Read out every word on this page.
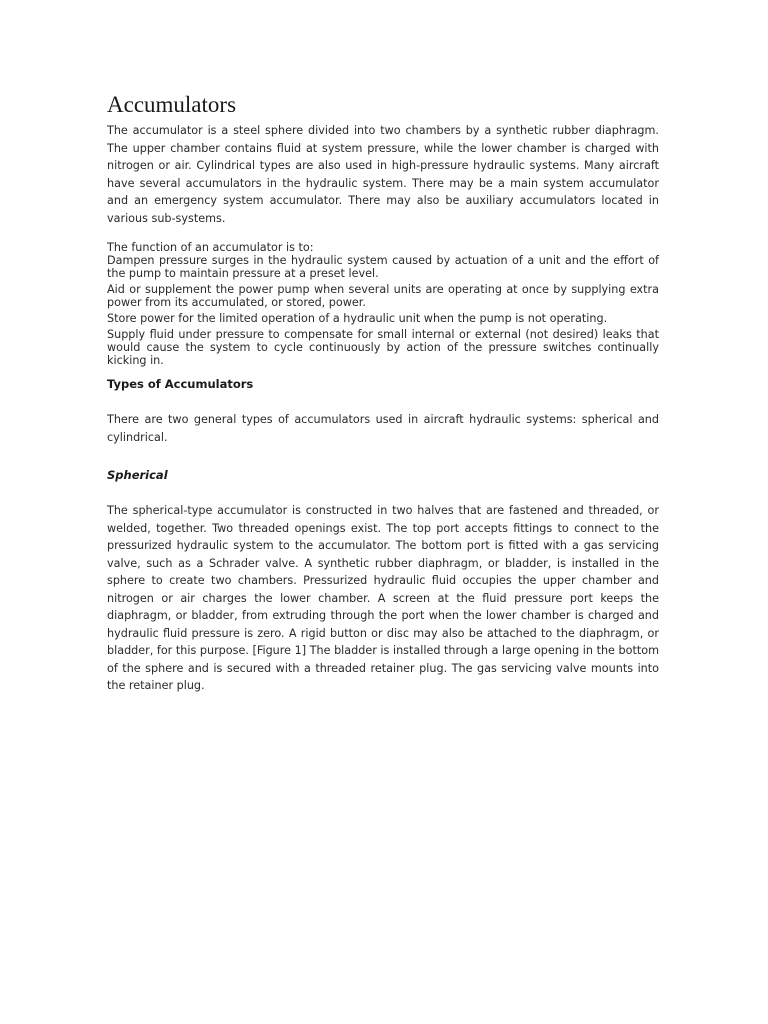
Accumulators

The accumulator is a steel sphere divided into two chambers by a synthetic rubber diaphragm. The upper chamber contains fluid at system pressure, while the lower chamber is charged with nitrogen or air. Cylindrical types are also used in high-pressure hydraulic systems. Many aircraft have several accumulators in the hydraulic system. There may be a main system accumulator and an emergency system accumulator. There may also be auxiliary accumulators located in various sub-systems.

The function of an accumulator is to:

Dampen pressure surges in the hydraulic system caused by actuation of a unit and the effort of the pump to maintain pressure at a preset level.

Aid or supplement the power pump when several units are operating at once by supplying extra power from its accumulated, or stored, power.

Store power for the limited operation of a hydraulic unit when the pump is not operating.

Supply fluid under pressure to compensate for small internal or external (not desired) leaks that would cause the system to cycle continuously by action of the pressure switches continually kicking in.

Types of Accumulators

There are two general types of accumulators used in aircraft hydraulic systems: spherical and cylindrical.

Spherical

The spherical-type accumulator is constructed in two halves that are fastened and threaded, or welded, together. Two threaded openings exist. The top port accepts fittings to connect to the pressurized hydraulic system to the accumulator. The bottom port is fitted with a gas servicing valve, such as a Schrader valve. A synthetic rubber diaphragm, or bladder, is installed in the sphere to create two chambers. Pressurized hydraulic fluid occupies the upper chamber and nitrogen or air charges the lower chamber. A screen at the fluid pressure port keeps the diaphragm, or bladder, from extruding through the port when the lower chamber is charged and hydraulic fluid pressure is zero. A rigid button or disc may also be attached to the diaphragm, or bladder, for this purpose. [Figure 1] The bladder is installed through a large opening in the bottom of the sphere and is secured with a threaded retainer plug. The gas servicing valve mounts into the retainer plug.
